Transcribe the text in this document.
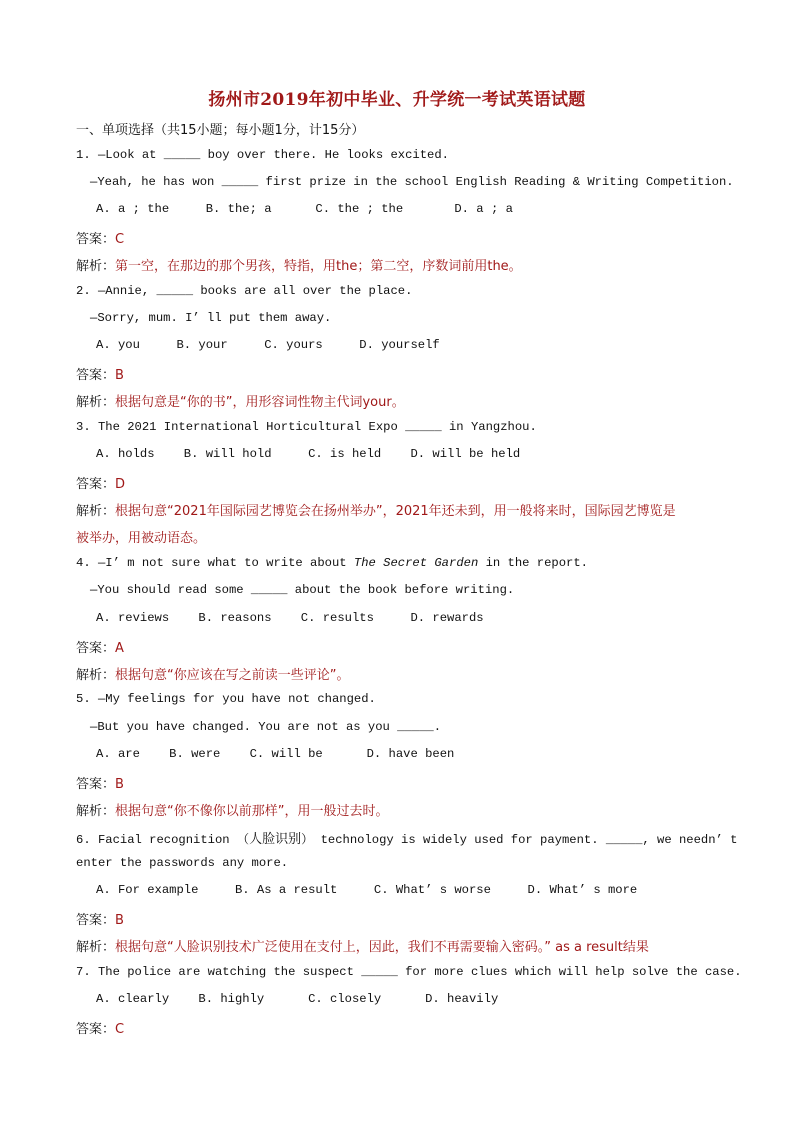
扬州市2019年初中毕业、升学统一考试英语试题
一、单项选择（共15小题；每小题1分，计15分）
1. —Look at _____ boy over there. He looks excited.
—Yeah, he has won _____ first prize in the school English Reading & Writing Competition.
A. a ; the     B. the; a      C. the ; the       D. a ; a
答案：C
解析：第一空，在那边的那个男孩，特指，用the；第二空，序数词前用the。
2. —Annie, _____ books are all over the place.
—Sorry, mum. I’ ll put them away.
A. you     B. your     C. yours     D. yourself
答案：B
解析：根据句意是“你的书”，用形容词性物主代词your。
3. The 2021 International Horticultural Expo _____ in Yangzhou.
A. holds    B. will hold     C. is held    D. will be held
答案：D
解析：根据句意“2021年国际园艺博览会在扬州举办”，2021年还未到，用一般将来时，国际园艺博览是
被举办，用被动语态。
4. —I’ m not sure what to write about The Secret Garden in the report.
—You should read some _____ about the book before writing.
A. reviews    B. reasons    C. results     D. rewards
答案：A
解析：根据句意“你应该在写之前读一些评论”。
5. —My feelings for you have not changed.
—But you have changed. You are not as you _____.
A. are    B. were    C. will be      D. have been
答案：B
解析：根据句意“你不像你以前那样”，用一般过去时。
6. Facial recognition （人脸识别） technology is widely used for payment. _____, we needn’ t
enter the passwords any more.
A. For example     B. As a result     C. What’ s worse     D. What’ s more
答案：B
解析：根据句意“人脸识别技术广泛使用在支付上，因此，我们不再需要输入密码。” as a result结果
7. The police are watching the suspect _____ for more clues which will help solve the case.
A. clearly    B. highly      C. closely      D. heavily
答案：C
